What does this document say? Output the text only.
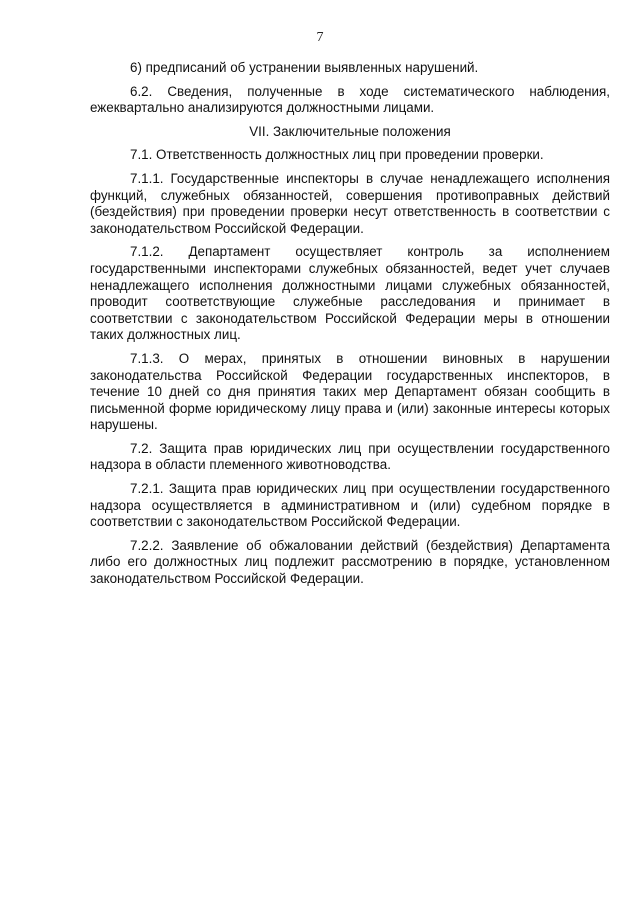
7

6) предписаний об устранении выявленных нарушений.

6.2. Сведения, полученные в ходе систематического наблюдения, ежеквартально анализируются должностными лицами.

VII. Заключительные положения

7.1. Ответственность должностных лиц при проведении проверки.

7.1.1. Государственные инспекторы в случае ненадлежащего исполнения функций, служебных обязанностей, совершения противоправных действий (бездействия) при проведении проверки несут ответственность в соответствии с законодательством Российской Федерации.

7.1.2. Департамент осуществляет контроль за исполнением государственными инспекторами служебных обязанностей, ведет учет случаев ненадлежащего исполнения должностными лицами служебных обязанностей, проводит соответствующие служебные расследования и принимает в соответствии с законодательством Российской Федерации меры в отношении таких должностных лиц.

7.1.3. О мерах, принятых в отношении виновных в нарушении законодательства Российской Федерации государственных инспекторов, в течение 10 дней со дня принятия таких мер Департамент обязан сообщить в письменной форме юридическому лицу права и (или) законные интересы которых нарушены.

7.2. Защита прав юридических лиц при осуществлении государственного надзора в области племенного животноводства.

7.2.1. Защита прав юридических лиц при осуществлении государственного надзора осуществляется в административном и (или) судебном порядке в соответствии с законодательством Российской Федерации.

7.2.2. Заявление об обжаловании действий (бездействия) Департамента либо его должностных лиц подлежит рассмотрению в порядке, установленном законодательством Российской Федерации.
